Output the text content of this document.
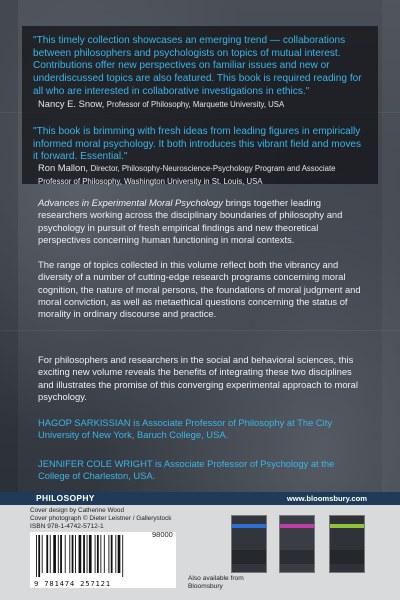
"This timely collection showcases an emerging trend — collaborations between philosophers and psychologists on topics of mutual interest. Contributions offer new perspectives on familiar issues and new or underdiscussed topics are also featured. This book is required reading for all who are interested in collaborative investigations in ethics."
Nancy E. Snow, Professor of Philosophy, Marquette University, USA
"This book is brimming with fresh ideas from leading figures in empirically informed moral psychology. It both introduces this vibrant field and moves it forward. Essential."
Ron Mallon, Director, Philosophy-Neuroscience-Psychology Program and Associate Professor of Philosophy, Washington University in St. Louis, USA
Advances in Experimental Moral Psychology brings together leading researchers working across the disciplinary boundaries of philosophy and psychology in pursuit of fresh empirical findings and new theoretical perspectives concerning human functioning in moral contexts.
The range of topics collected in this volume reflect both the vibrancy and diversity of a number of cutting-edge research programs concerning moral cognition, the nature of moral persons, the foundations of moral judgment and moral conviction, as well as metaethical questions concerning the status of morality in ordinary discourse and practice.
For philosophers and researchers in the social and behavioral sciences, this exciting new volume reveals the benefits of integrating these two disciplines and illustrates the promise of this converging experimental approach to moral psychology.
HAGOP SARKISSIAN is Associate Professor of Philosophy at The City University of New York, Baruch College, USA.
JENNIFER COLE WRIGHT is Associate Professor of Psychology at the College of Charleston, USA.
PHILOSOPHY	www.bloomsbury.com
Cover design by Catherine Wood
Cover photograph © Dieter Leistner / Gallerystock
ISBN 978-1-4742-5712-1
9 781474 257121
98000
Also available from Bloomsbury
